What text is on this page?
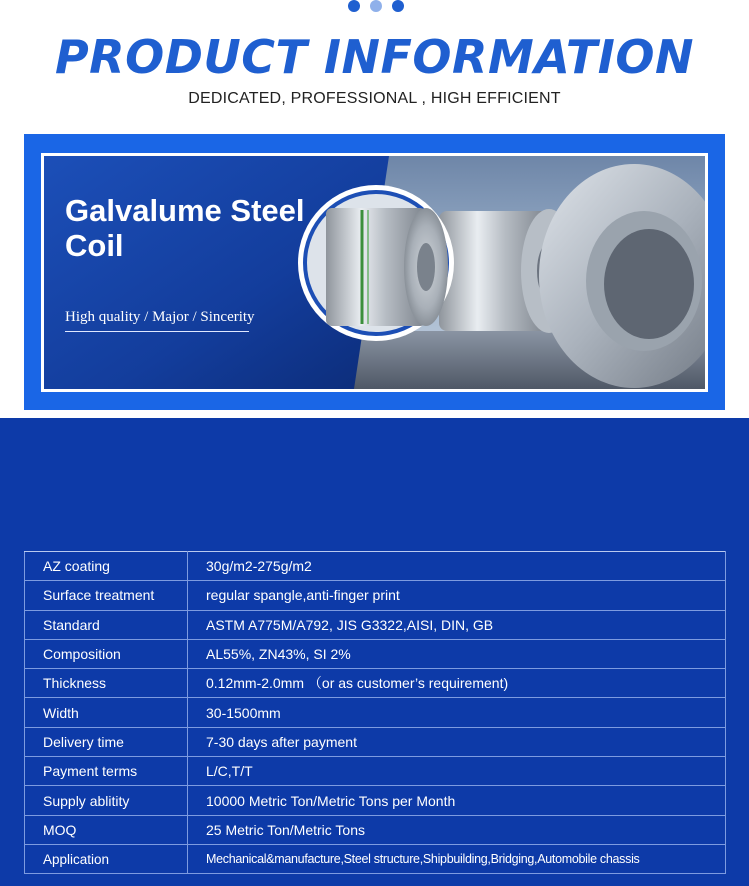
PRODUCT INFORMATION
DEDICATED, PROFESSIONAL , HIGH EFFICIENT
Galvalume Steel Coil
High quality / Major / Sincerity
AZ coating	30g/m2-275g/m2
Surface treatment	regular spangle,anti-finger print
Standard	ASTM A775M/A792, JIS G3322,AISI, DIN, GB
Composition	AL55%, ZN43%, SI 2%
Thickness	0.12mm-2.0mm （or as customer’s requirement)
Width	30-1500mm
Delivery time	7-30 days after payment
Payment terms	L/C,T/T
Supply ablitity	10000 Metric Ton/Metric Tons per Month
MOQ	25 Metric Ton/Metric Tons
Application	Mechanical&manufacture,Steel structure,Shipbuilding,Bridging,Automobile chassis
